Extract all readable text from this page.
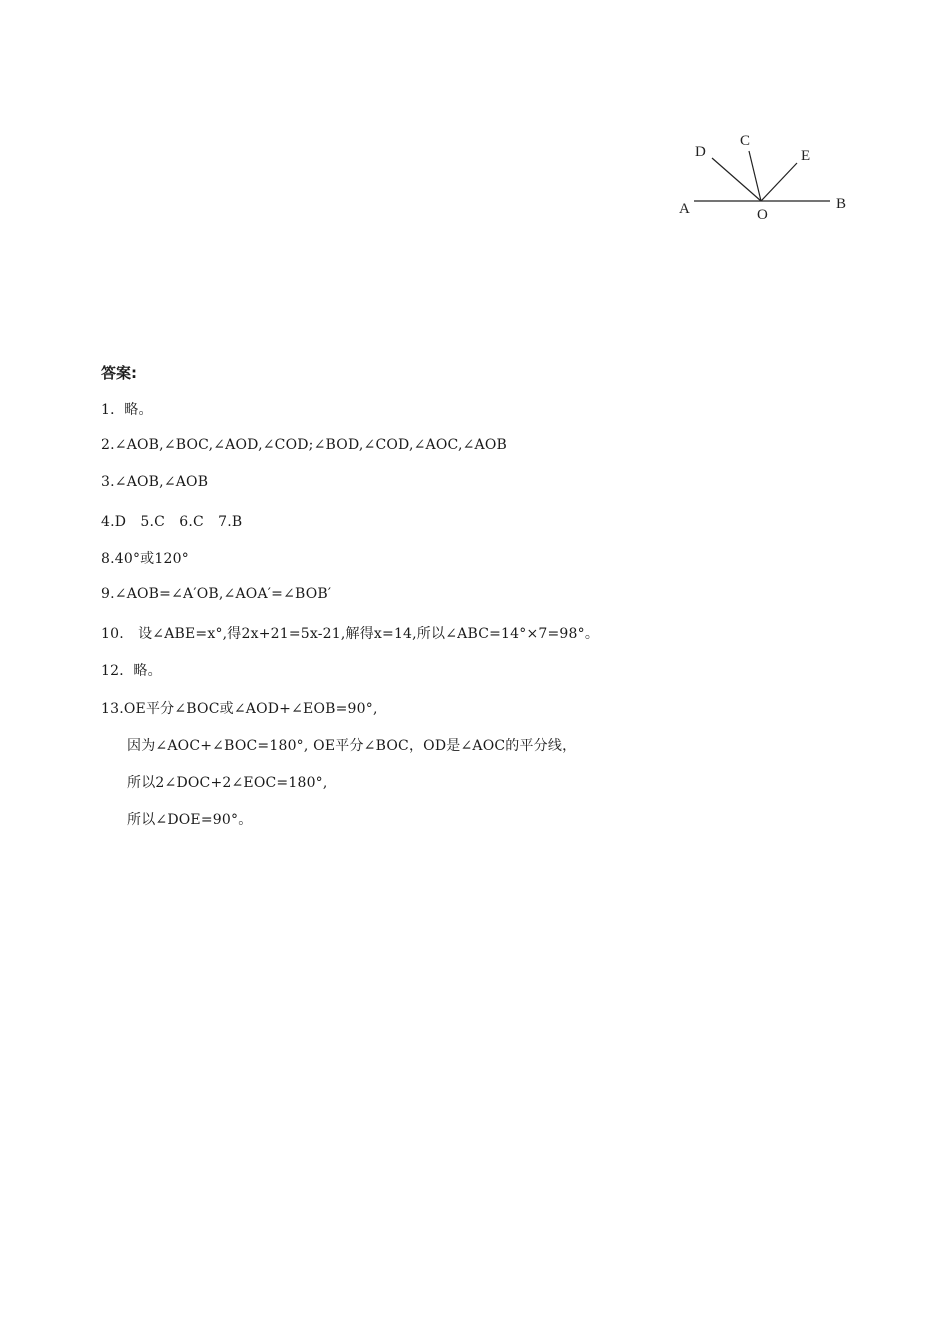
A	B
C
D	E
O
答案:
1．略。
2.∠AOB,∠BOC,∠AOD,∠COD;∠BOD,∠COD,∠AOC,∠AOB
3.∠AOB,∠AOB
4.D　5.C　6.C　7.B
8.40°或120°
9.∠AOB=∠A′OB,∠AOA′=∠BOB′
10.　设∠ABE=x°,得2x+21=5x-21,解得x=14,所以∠ABC=14°×7=98°。
12．略。
13.OE平分∠BOC或∠AOD+∠EOB=90°,
因为∠AOC+∠BOC=180°, OE平分∠BOC，OD是∠AOC的平分线，
所以2∠DOC+2∠EOC=180°,
所以∠DOE=90°。
